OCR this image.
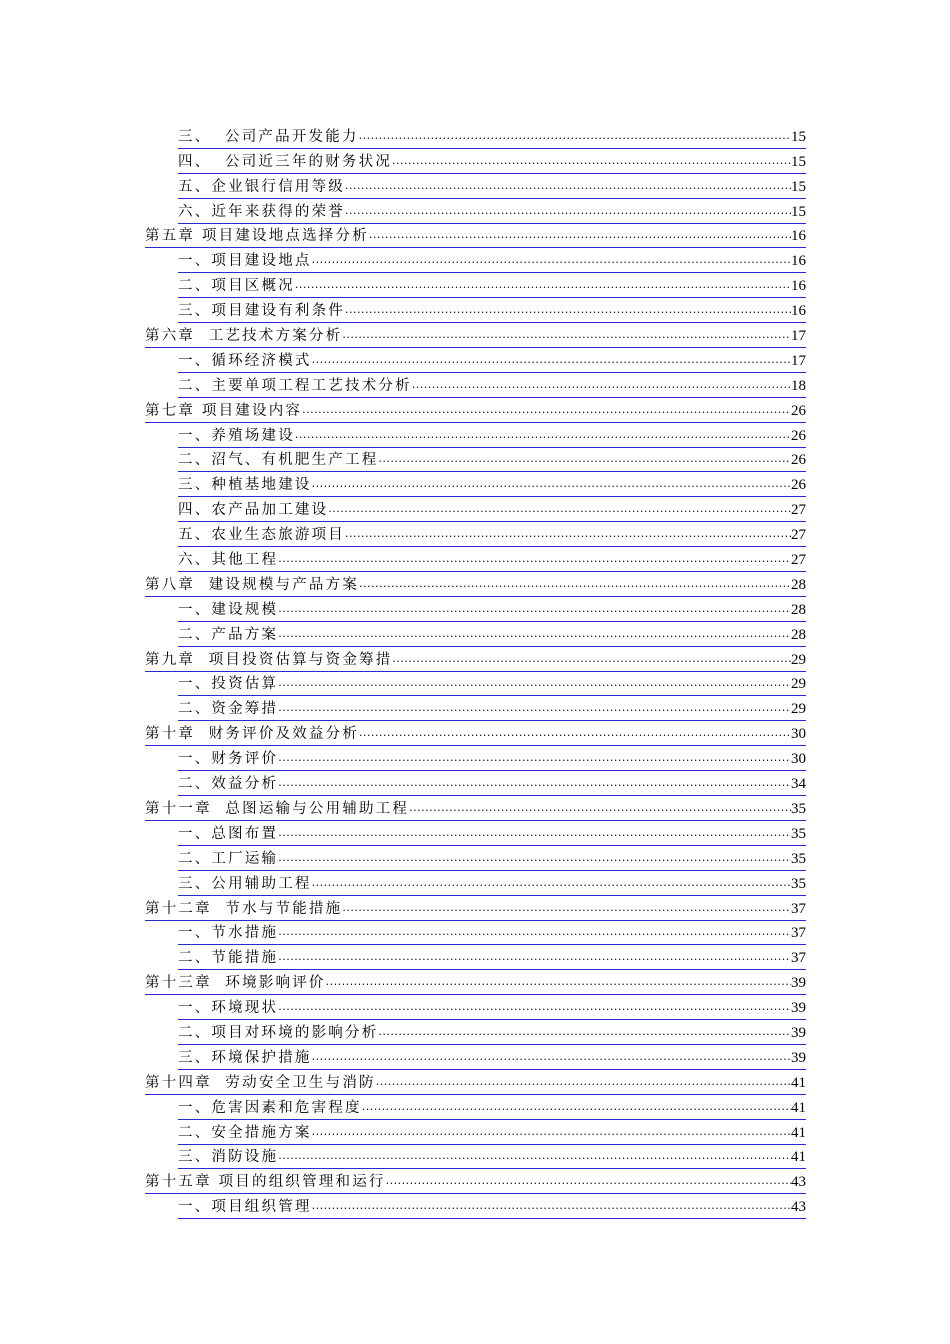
三、  公司产品开发能力 .....	15
四、  公司近三年的财务状况 .....	15
五、企业银行信用等级 .....	15
六、近年来获得的荣誉 .....	15
第五章 项目建设地点选择分析 .....	16
一、项目建设地点 .....	16
二、项目区概况 .....	16
三、项目建设有利条件 .....	16
第六章  工艺技术方案分析 .....	17
一、循环经济模式 .....	17
二、主要单项工程工艺技术分析 .....	18
第七章 项目建设内容 .....	26
一、养殖场建设 .....	26
二、沼气、有机肥生产工程 .....	26
三、种植基地建设 .....	26
四、农产品加工建设 .....	27
五、农业生态旅游项目 .....	27
六、其他工程 .....	27
第八章  建设规模与产品方案 .....	28
一、建设规模 .....	28
二、产品方案 .....	28
第九章  项目投资估算与资金筹措 .....	29
一、投资估算 .....	29
二、资金筹措 .....	29
第十章  财务评价及效益分析 .....	30
一、财务评价 .....	30
二、效益分析 .....	34
第十一章  总图运输与公用辅助工程 .....	35
一、总图布置 .....	35
二、工厂运输 .....	35
三、公用辅助工程 .....	35
第十二章  节水与节能措施 .....	37
一、节水措施 .....	37
二、节能措施 .....	37
第十三章  环境影响评价 .....	39
一、环境现状 .....	39
二、项目对环境的影响分析 .....	39
三、环境保护措施 .....	39
第十四章  劳动安全卫生与消防 .....	41
一、危害因素和危害程度 .....	41
二、安全措施方案 .....	41
三、消防设施 .....	41
第十五章 项目的组织管理和运行 .....	43
一、项目组织管理 .....	43
